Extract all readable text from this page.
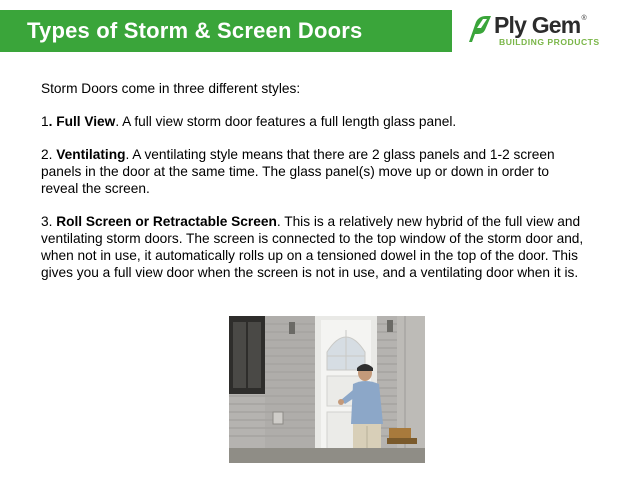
Types of Storm & Screen Doors	Ply Gem®
BUILDING PRODUCTS

Storm Doors come in three different styles:

1. Full View. A full view storm door features a full length glass panel.

2. Ventilating. A ventilating style means that there are 2 glass panels and 1-2 screen panels in the door at the same time. The glass panel(s) move up or down in order to reveal the screen.

3. Roll Screen or Retractable Screen. This is a relatively new hybrid of the full view and ventilating storm doors. The screen is connected to the top window of the storm door and, when not in use, it automatically rolls up on a tensioned dowel in the top of the door. This gives you a full view door when the screen is not in use, and a ventilating door when it is.
